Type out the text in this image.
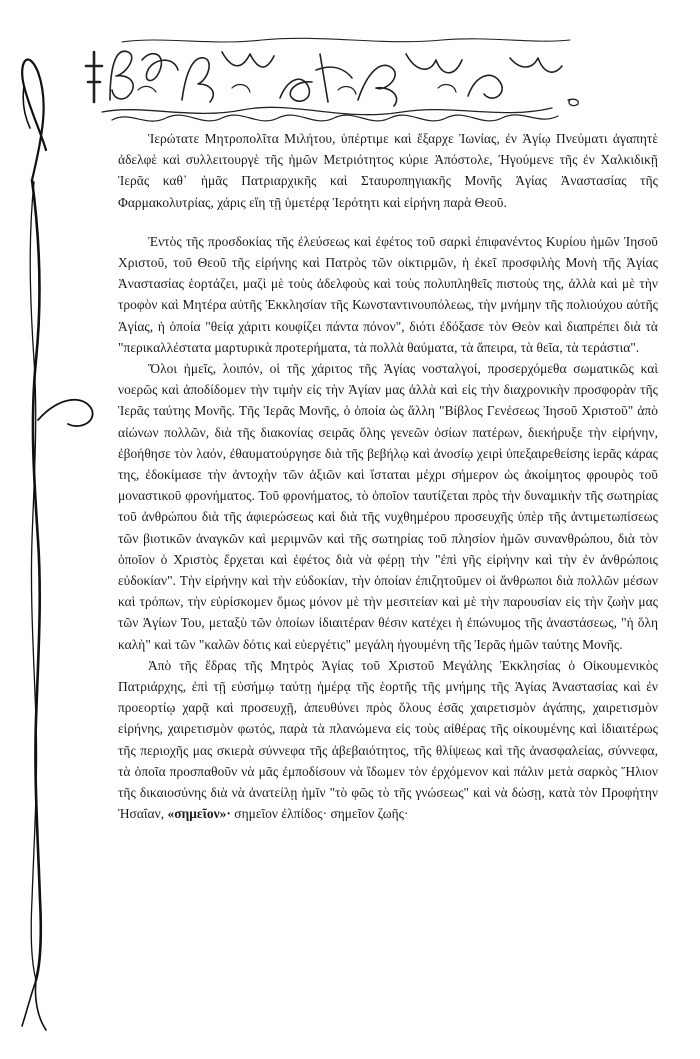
Ἱερώτατε Μητροπολῖτα Μιλήτου, ὑπέρτιμε καὶ ἔξαρχε Ἰωνίας, ἐν Ἁγίῳ Πνεύματι ἀγαπητὲ ἀδελφὲ καὶ συλλειτουργὲ τῆς ἡμῶν Μετριότητος κύριε Ἀπόστολε, Ἡγούμενε τῆς ἐν Χαλκιδικῇ Ἱερᾶς καθ᾽ ἡμᾶς Πατριαρχικῆς καὶ Σταυροπηγιακῆς Μονῆς Ἁγίας Ἀναστασίας τῆς Φαρμακολυτρίας, χάρις εἴη τῇ ὑμετέρᾳ Ἱερότητι καὶ εἰρήνη παρὰ Θεοῦ.

Ἐντὸς τῆς προσδοκίας τῆς ἐλεύσεως καὶ ἐφέτος τοῦ σαρκὶ ἐπιφανέντος Κυρίου ἡμῶν Ἰησοῦ Χριστοῦ, τοῦ Θεοῦ τῆς εἰρήνης καὶ Πατρὸς τῶν οἰκτιρμῶν, ἡ ἐκεῖ προσφιλὴς Μονὴ τῆς Ἁγίας Ἀναστασίας ἑορτάζει, μαζὶ μὲ τοὺς ἀδελφοὺς καὶ τοὺς πολυπληθεῖς πιστοὺς της, ἀλλὰ καὶ μὲ τὴν τροφὸν καὶ Μητέρα αὐτῆς Ἐκκλησίαν τῆς Κωνσταντινουπόλεως, τὴν μνήμην τῆς πολιούχου αὐτῆς Ἁγίας, ἡ ὁποία "θείᾳ χάριτι κουφίζει πάντα πόνον", διότι ἐδόξασε τὸν Θεὸν καὶ διαπρέπει διὰ τὰ "περικαλλέστατα μαρτυρικὰ προτερήματα, τὰ πολλὰ θαύματα, τὰ ἄπειρα, τὰ θεῖα, τὰ τεράστια".

Ὅλοι ἡμεῖς, λοιπόν, οἱ τῆς χάριτος τῆς Ἁγίας νοσταλγοί, προσερχόμεθα σωματικῶς καὶ νοερῶς καὶ ἀποδίδομεν τὴν τιμὴν εἰς τὴν Ἁγίαν μας ἀλλὰ καὶ εἰς τὴν διαχρονικὴν προσφορὰν τῆς Ἱερᾶς ταύτης Μονῆς. Τῆς Ἱερᾶς Μονῆς, ὁ ὁποία ὡς ἄλλη "Βίβλος Γενέσεως Ἰησοῦ Χριστοῦ" ἀπὸ αἰώνων πολλῶν, διὰ τῆς διακονίας σειρᾶς ὅλης γενεῶν ὁσίων πατέρων, διεκήρυξε τὴν εἰρήνην, ἐβοήθησε τὸν λαόν, ἐθαυματούργησε διὰ τῆς βεβήλῳ καὶ ἀνοσίῳ χειρὶ ὑπεξαιρεθείσης ἱερᾶς κάρας της, ἐδοκίμασε τὴν ἀντοχὴν τῶν ἀξιῶν καὶ ἵσταται μέχρι σήμερον ὡς ἀκοίμητος φρουρὸς τοῦ μοναστικοῦ φρονήματος. Τοῦ φρονήματος, τὸ ὁποῖον ταυτίζεται πρὸς τὴν δυναμικὴν τῆς σωτηρίας τοῦ ἀνθρώπου διὰ τῆς ἀφιερώσεως καὶ διὰ τῆς νυχθημέρου προσευχῆς ὑπὲρ τῆς ἀντιμετωπίσεως τῶν βιοτικῶν ἀναγκῶν καὶ μεριμνῶν καὶ τῆς σωτηρίας τοῦ πλησίον ἡμῶν συνανθρώπου, διὰ τὸν ὁποῖον ὁ Χριστὸς ἔρχεται καὶ ἐφέτος διὰ νὰ φέρῃ τὴν "ἐπὶ γῆς εἰρήνην καὶ τὴν ἐν ἀνθρώποις εὐδοκίαν". Τὴν εἰρήνην καὶ τὴν εὐδοκίαν, τὴν ὁποίαν ἐπιζητοῦμεν οἱ ἄνθρωποι διὰ πολλῶν μέσων καὶ τρόπων, τὴν εὑρίσκομεν ὅμως μόνον μὲ τὴν μεσιτείαν καὶ μὲ τὴν παρουσίαν εἰς τὴν ζωὴν μας τῶν Ἁγίων Του, μεταξὺ τῶν ὁποίων ἰδιαιτέραν θέσιν κατέχει ἡ ἐπώνυμος τῆς ἀναστάσεως, "ἡ ὅλη καλὴ" καὶ τῶν "καλῶν δότις καὶ εὐεργέτις" μεγάλη ἡγουμένη τῆς Ἱερᾶς ἡμῶν ταύτης Μονῆς.

Ἀπὸ τῆς ἕδρας τῆς Μητρὸς Ἁγίας τοῦ Χριστοῦ Μεγάλης Ἐκκλησίας ὁ Οἰκουμενικὸς Πατριάρχης, ἐπὶ τῇ εὐσήμῳ ταύτῃ ἡμέρᾳ τῆς ἑορτῆς τῆς μνήμης τῆς Ἁγίας Ἀναστασίας καὶ ἐν προεορτίῳ χαρᾷ καὶ προσευχῇ, ἀπευθύνει πρὸς ὅλους ἐσᾶς χαιρετισμὸν ἀγάπης, χαιρετισμὸν εἰρήνης, χαιρετισμὸν φωτός, παρὰ τὰ πλανώμενα εἰς τοὺς αἰθέρας τῆς οἰκουμένης καὶ ἰδιαιτέρως τῆς περιοχῆς μας σκιερὰ σύννεφα τῆς ἀβεβαιότητος, τῆς θλίψεως καὶ τῆς ἀνασφαλείας, σύννεφα, τὰ ὁποῖα προσπαθοῦν νὰ μᾶς ἐμποδίσουν νὰ ἴδωμεν τὸν ἐρχόμενον καὶ πάλιν μετὰ σαρκὸς Ἥλιον τῆς δικαιοσύνης διὰ νὰ ἀνατείλῃ ἡμῖν "τὸ φῶς τὸ τῆς γνώσεως" καὶ νὰ δώσῃ, κατὰ τὸν Προφήτην Ἠσαΐαν, «σημεῖον»· σημεῖον ἐλπίδος· σημεῖον ζωῆς·
